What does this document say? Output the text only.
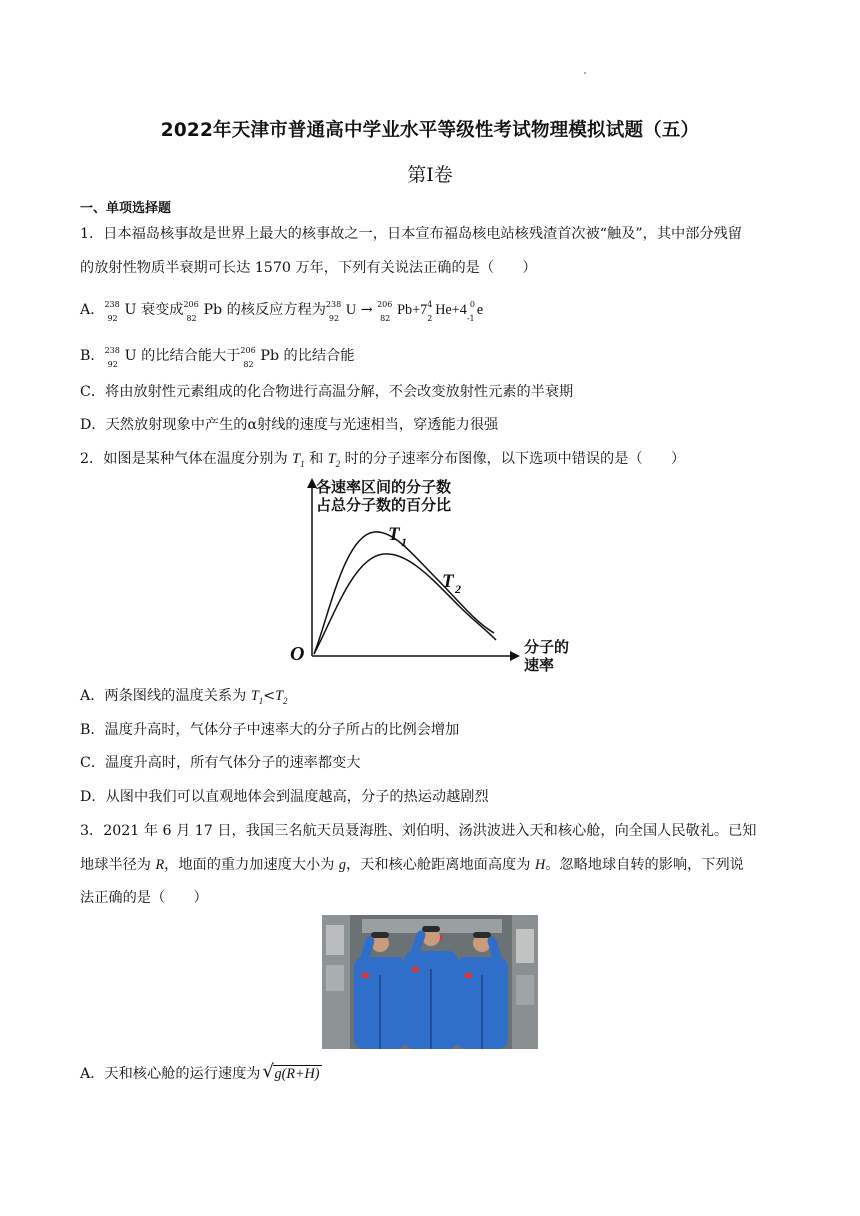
2022年天津市普通高中学业水平等级性考试物理模拟试题（五）
第Ⅰ卷
一、单项选择题
1．日本福岛核事故是世界上最大的核事故之一，日本宣布福岛核电站核残渣首次被“触及”，其中部分残留
的放射性物质半衰期可长达 1570 万年，下列有关说法正确的是（　　）
A． 238
92
U 衰变成 206
82
Pb 的核反应方程为 238
92
U → 206
82
Pb+7 4
2
He+4 0
-1
e
B． 238
92
U 的比结合能大于 206
82
Pb 的比结合能
C．将由放射性元素组成的化合物进行高温分解，不会改变放射性元素的半衰期
D．天然放射现象中产生的α射线的速度与光速相当，穿透能力很强
2．如图是某种气体在温度分别为 $T_1$ 和 $T_2$ 时的分子速率分布图像，以下选项中错误的是（　　）
各速率区间的分子数
占总分子数的百分比
分子的
速率
O
T 1
T 2
A．两条图线的温度关系为 $T_1<T_2$
B．温度升高时，气体分子中速率大的分子所占的比例会增加
C．温度升高时，所有气体分子的速率都变大
D．从图中我们可以直观地体会到温度越高，分子的热运动越剧烈
3．2021 年 6 月 17 日，我国三名航天员聂海胜、刘伯明、汤洪波进入天和核心舱，向全国人民敬礼。已知
地球半径为 R，地面的重力加速度大小为 g，天和核心舱距离地面高度为 H。忽略地球自转的影响，下列说
法正确的是（　　）
A．天和核心舱的运行速度为 √ g(R+H)
